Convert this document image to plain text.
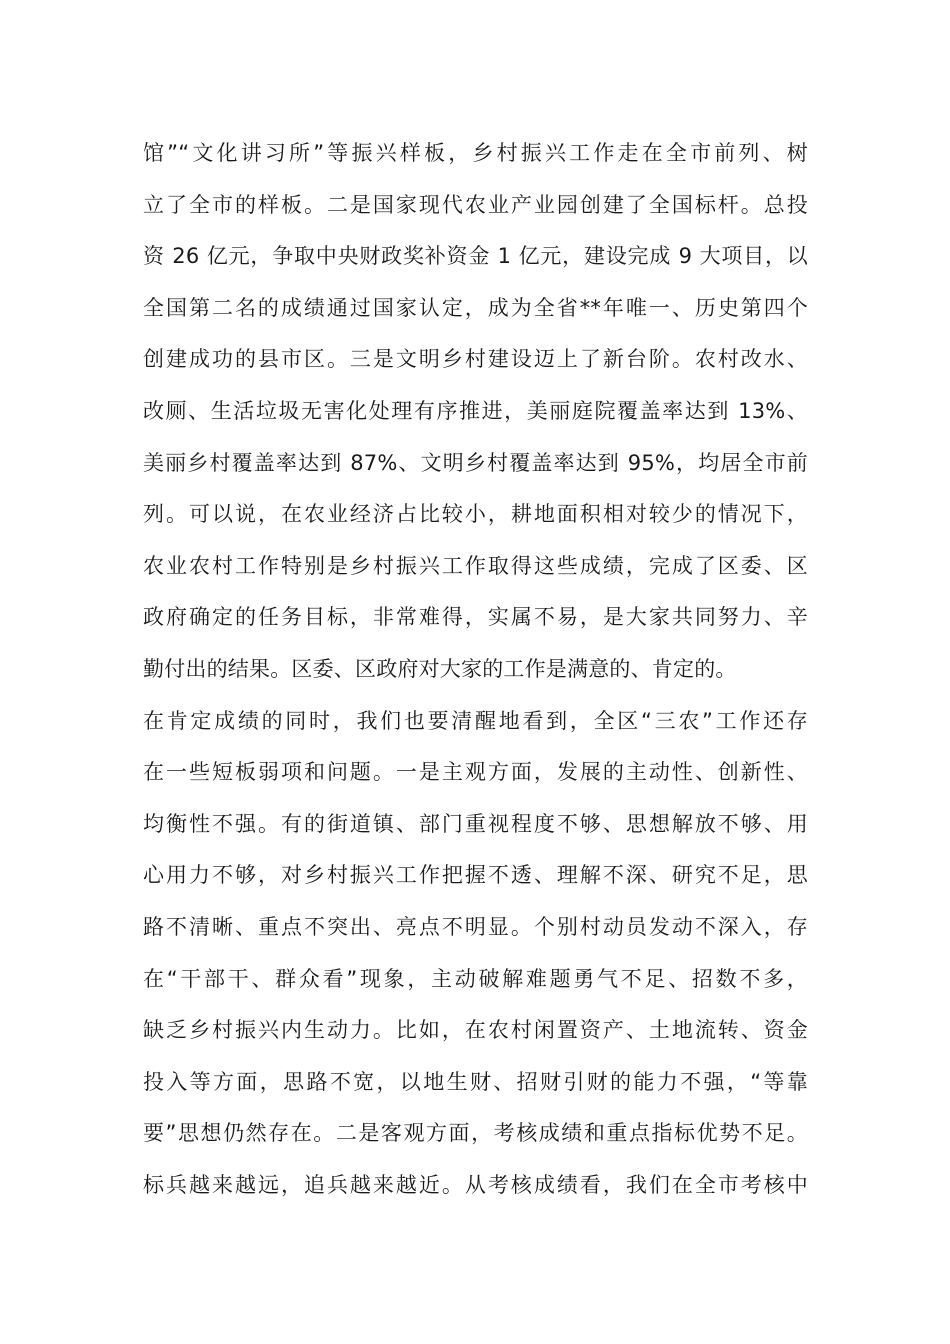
馆”“文化讲习所”等振兴样板，乡村振兴工作走在全市前列、树
立了全市的样板。二是国家现代农业产业园创建了全国标杆。总投
资 26 亿元，争取中央财政奖补资金 1 亿元，建设完成 9 大项目，以
全国第二名的成绩通过国家认定，成为全省**年唯一、历史第四个
创建成功的县市区。三是文明乡村建设迈上了新台阶。农村改水、
改厕、生活垃圾无害化处理有序推进，美丽庭院覆盖率达到 13%、
美丽乡村覆盖率达到 87%、文明乡村覆盖率达到 95%，均居全市前
列。可以说，在农业经济占比较小，耕地面积相对较少的情况下，
农业农村工作特别是乡村振兴工作取得这些成绩，完成了区委、区
政府确定的任务目标，非常难得，实属不易，是大家共同努力、辛
勤付出的结果。区委、区政府对大家的工作是满意的、肯定的。
在肯定成绩的同时，我们也要清醒地看到，全区“三农”工作还存
在一些短板弱项和问题。一是主观方面，发展的主动性、创新性、
均衡性不强。有的街道镇、部门重视程度不够、思想解放不够、用
心用力不够，对乡村振兴工作把握不透、理解不深、研究不足，思
路不清晰、重点不突出、亮点不明显。个别村动员发动不深入，存
在“干部干、群众看”现象，主动破解难题勇气不足、招数不多，
缺乏乡村振兴内生动力。比如，在农村闲置资产、土地流转、资金
投入等方面，思路不宽，以地生财、招财引财的能力不强，“等靠
要”思想仍然存在。二是客观方面，考核成绩和重点指标优势不足。
标兵越来越远，追兵越来越近。从考核成绩看，我们在全市考核中
